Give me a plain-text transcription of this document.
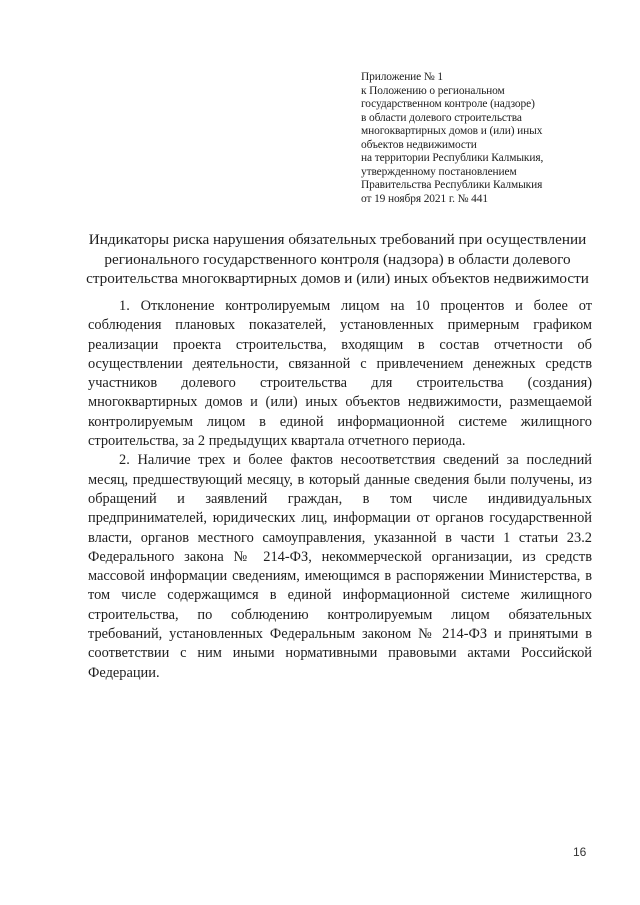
Приложение № 1
к Положению о региональном
государственном контроле (надзоре)
в области долевого строительства
многоквартирных домов и (или) иных
объектов недвижимости
на территории Республики Калмыкия,
утвержденному постановлением
Правительства Республики Калмыкия
от 19 ноября 2021 г. № 441
Индикаторы риска нарушения обязательных требований при осуществлении
регионального государственного контроля (надзора) в области долевого
строительства многоквартирных домов и (или) иных объектов недвижимости

1. Отклонение контролируемым лицом на 10 процентов и более от соблюдения плановых показателей, установленных примерным графиком реализации проекта строительства, входящим в состав отчетности об осуществлении деятельности, связанной с привлечением денежных средств участников долевого строительства для строительства (создания) многоквартирных домов и (или) иных объектов недвижимости, размещаемой контролируемым лицом в единой информационной системе жилищного строительства, за 2 предыдущих квартала отчетного периода.

2. Наличие трех и более фактов несоответствия сведений за последний месяц, предшествующий месяцу, в который данные сведения были получены, из обращений и заявлений граждан, в том числе индивидуальных предпринимателей, юридических лиц, информации от органов государственной власти, органов местного самоуправления, указанной в части 1 статьи 23.2 Федерального закона № 214-ФЗ, некоммерческой организации, из средств массовой информации сведениям, имеющимся в распоряжении Министерства, в том числе содержащимся в единой информационной системе жилищного строительства, по соблюдению контролируемым лицом обязательных требований, установленных Федеральным законом № 214-ФЗ и принятыми в соответствии с ним иными нормативными правовыми актами Российской Федерации.

16
